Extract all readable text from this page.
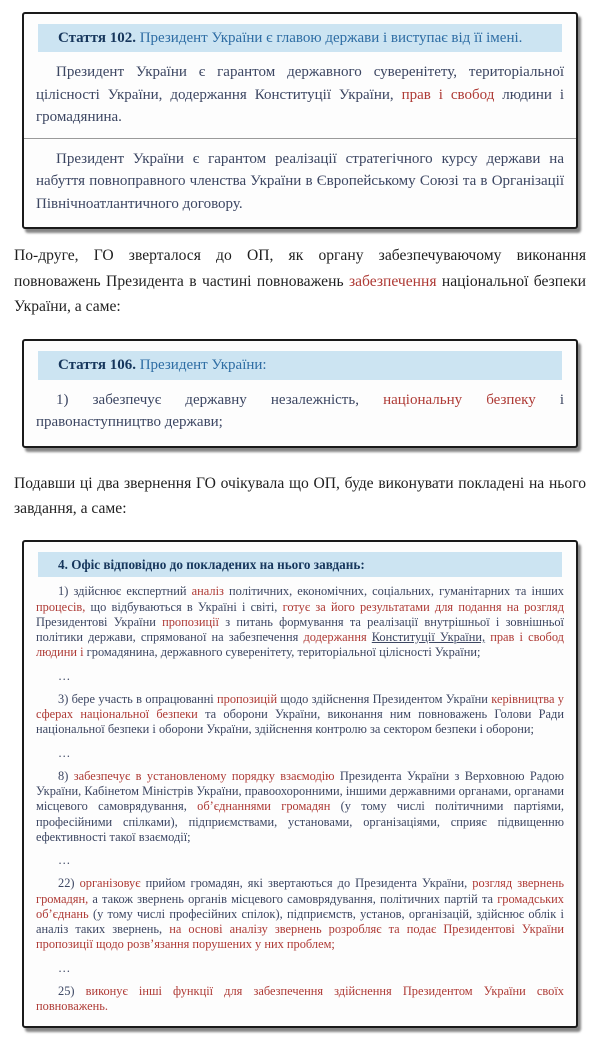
Стаття 102. Президент України є главою держави і виступає від її імені.

Президент України є гарантом державного суверенітету, територіальної цілісності України, додержання Конституції України, прав і свобод людини і громадянина.

Президент України є гарантом реалізації стратегічного курсу держави на набуття повноправного членства України в Європейському Союзі та в Організації Північноатлантичного договору.

По-друге, ГО зверталося до ОП, як органу забезпечуваючому виконання повноважень Президента в частині повноважень забезпечення національної безпеки України, а саме:

Стаття 106. Президент України:

1) забезпечує державну незалежність, національну безпеку і правонаступництво держави;

Подавши ці два звернення ГО очікувала що ОП, буде виконувати покладені на нього завдання, а саме:

4. Офіс відповідно до покладених на нього завдань:

1) здійснює експертний аналіз політичних, економічних, соціальних, гуманітарних та інших процесів, що відбуваються в Україні і світі, готує за його результатами для подання на розгляд Президентові України пропозиції з питань формування та реалізації внутрішньої і зовнішньої політики держави, спрямованої на забезпечення додержання Конституції України, прав і свобод людини і громадянина, державного суверенітету, територіальної цілісності України;

…

3) бере участь в опрацюванні пропозицій щодо здійснення Президентом України керівництва у сферах національної безпеки та оборони України, виконання ним повноважень Голови Ради національної безпеки і оборони України, здійснення контролю за сектором безпеки і оборони;

…

8) забезпечує в установленому порядку взаємодію Президента України з Верховною Радою України, Кабінетом Міністрів України, правоохоронними, іншими державними органами, органами місцевого самоврядування, об’єднаннями громадян (у тому числі політичними партіями, професійними спілками), підприємствами, установами, організаціями, сприяє підвищенню ефективності такої взаємодії;

…

22) організовує прийом громадян, які звертаються до Президента України, розгляд звернень громадян, а також звернень органів місцевого самоврядування, політичних партій та громадських об’єднань (у тому числі професійних спілок), підприємств, установ, організацій, здійснює облік і аналіз таких звернень, на основі аналізу звернень розробляє та подає Президентові України пропозиції щодо розв’язання порушених у них проблем;

…

25) виконує інші функції для забезпечення здійснення Президентом України своїх повноважень.
